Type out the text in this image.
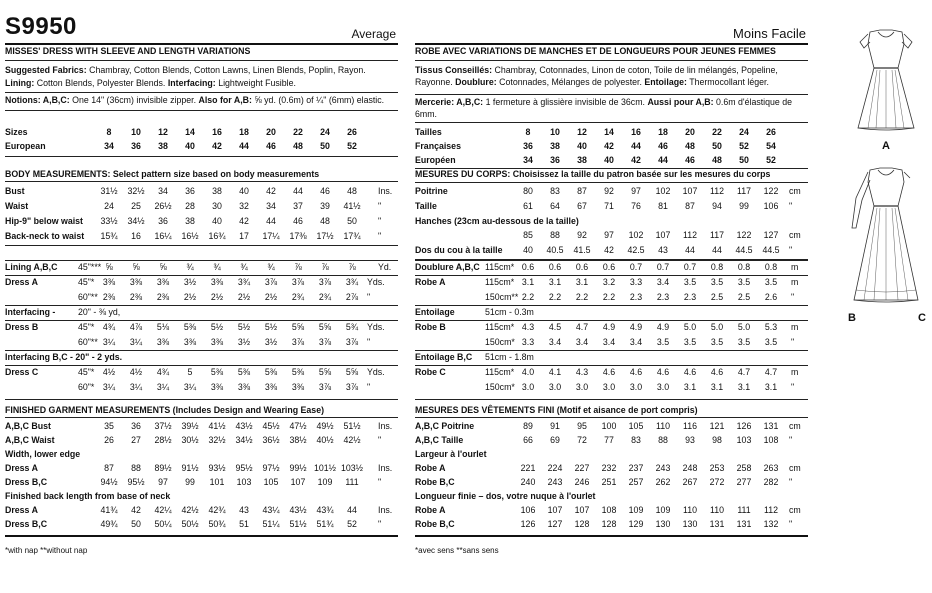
S9950	Average
MISSES' DRESS WITH SLEEVE AND LENGTH VARIATIONS
Suggested Fabrics: Chambray, Cotton Blends, Cotton Lawns, Linen Blends, Poplin, Rayon.
Lining: Cotton Blends, Polyester Blends. Interfacing: Lightweight Fusible.
Notions: A,B,C: One 14" (36cm) invisible zipper. Also for A,B: ⅝ yd. (0.6m) of ¼" (6mm) elastic.
Sizes	8	10	12	14	16	18	20	22	24	26
European	34	36	38	40	42	44	46	48	50	52
BODY MEASUREMENTS: Select pattern size based on body measurements
Bust	31½	32½	34	36	38	40	42	44	46	48	Ins.
Waist	24	25	26½	28	30	32	34	37	39	41½	"
Hip-9" below waist	33½	34½	36	38	40	42	44	46	48	50	"
Back-neck to waist	15¾	16	16¼	16½	16¾	17	17¼	17⅜	17½	17¾	"
Lining A,B,C 45"*** ⅝	⅝	⅝	¾	¾	¾	¾	⅞	⅞	⅞	Yd.
Dress A	45"* 3⅜	3⅜	3⅜	3½	3⅜	3¾	3⅞	3⅞	3⅞	3¾	Yds.
60"** 2⅜	2⅜	2⅜	2½	2½	2½	2½	2¾	2¾	2⅞	"
Interfacing -	20" - ⅜ yd,
Dress B	45"* 4¾	4⅞	5⅛	5⅜	5½	5½	5½	5⅝	5⅝	5¾	Yds.
60"** 3¼	3¼	3⅜	3⅜	3⅜	3½	3½	3⅞	3⅞	3⅞	"
Interfacing B,C - 20" - 2 yds.
Dress C	45"* 4½	4½	4¾	5	5⅜	5⅜	5⅜	5⅜	5⅝	5⅝	Yds.
60"* 3¼	3¼	3¼	3¼	3⅜	3⅜	3⅜	3⅜	3⅞	3⅞	"
FINISHED GARMENT MEASUREMENTS (Includes Design and Wearing Ease)
A,B,C Bust	35	36	37½	39½	41½	43½	45½	47½	49½	51½	Ins.
A,B,C Waist	26	27	28½	30½	32½	34½	36½	38½	40½	42½	"
Width, lower edge
Dress A	87	88	89½	91½	93½	95½	97½	99½ 101½ 103½ Ins.
Dress B,C	94½	95½	97	99	101	103	105	107	109	111	"
Finished back length from base of neck
Dress A	41¾	42	42¼	42½	42¾	43	43¼	43½	43¾	44	Ins.
Dress B,C	49¾	50	50¼	50½	50¾	51	51¼	51½	51¾	52	"
*with nap **without nap
Moins Facile
ROBE AVEC VARIATIONS DE MANCHES ET DE LONGUEURS POUR JEUNES FEMMES
Tissus Conseillés: Chambray, Cotonnades, Linon de coton, Toile de lin mélangés, Popeline, Rayonne. Doublure: Cotonnades, Mélanges de polyester. Entoilage: Thermocollant léger.
Mercerie: A,B,C: 1 fermeture à glissière invisible de 36cm. Aussi pour A,B: 0.6m d'élastique de 6mm.
Tailles	8	10	12	14	16	18	20	22	24	26
Françaises	36	38	40	42	44	46	48	50	52	54
Européen	34	36	38	40	42	44	46	48	50	52
MESURES DU CORPS: Choisissez la taille du patron basée sur les mesures du corps
Poitrine	80	83	87	92	97	102	107	112	117	122	cm
Taille	61	64	67	71	76	81	87	94	99	106	"
Hanches (23cm au-dessous de la taille)
85	88	92	97	102	107	112	117	122	127	cm
Dos du cou à la taille	40	40.5	41.5	42	42.5	43	44	44	44.5	44.5	"
Doublure A,B,C 115cm* 0.6	0.6	0.6	0.6	0.7	0.7	0.7	0.8	0.8	0.8	m
Robe A	115cm* 3.1	3.1	3.1	3.2	3.3	3.4	3.5	3.5	3.5	3.5	m
150cm** 2.2	2.2	2.2	2.2	2.3	2.3	2.3	2.5	2.5	2.6	"
Entoilage	51cm - 0.3m
Robe B	115cm* 4.3	4.5	4.7	4.9	4.9	4.9	5.0	5.0	5.0	5.3	m
150cm* 3.3	3.4	3.4	3.4	3.4	3.5	3.5	3.5	3.5	3.5	"
Entoilage B,C 51cm - 1.8m
Robe C	115cm* 4.0	4.1	4.3	4.6	4.6	4.6	4.6	4.6	4.7	4.7	m
150cm* 3.0	3.0	3.0	3.0	3.0	3.0	3.1	3.1	3.1	3.1	"
MESURES DES VÊTEMENTS FINI (Motif et aisance de port compris)
A,B,C Poitrine	89	91	95	100	105	110	116	121	126	131	cm
A,B,C Taille	66	69	72	77	83	88	93	98	103	108	"
Largeur à l'ourlet
Robe A	221	224	227	232	237	243	248	253	258	263	cm
Robe B,C	240	243	246	251	257	262	267	272	277	282	"
Longueur finie – dos, votre nuque à l'ourlet
Robe A	106	107	107	108	109	109	110	110	111	112	cm
Robe B,C	126	127	128	128	129	130	130	131	131	132	"
*avec sens **sans sens
A
B	C
